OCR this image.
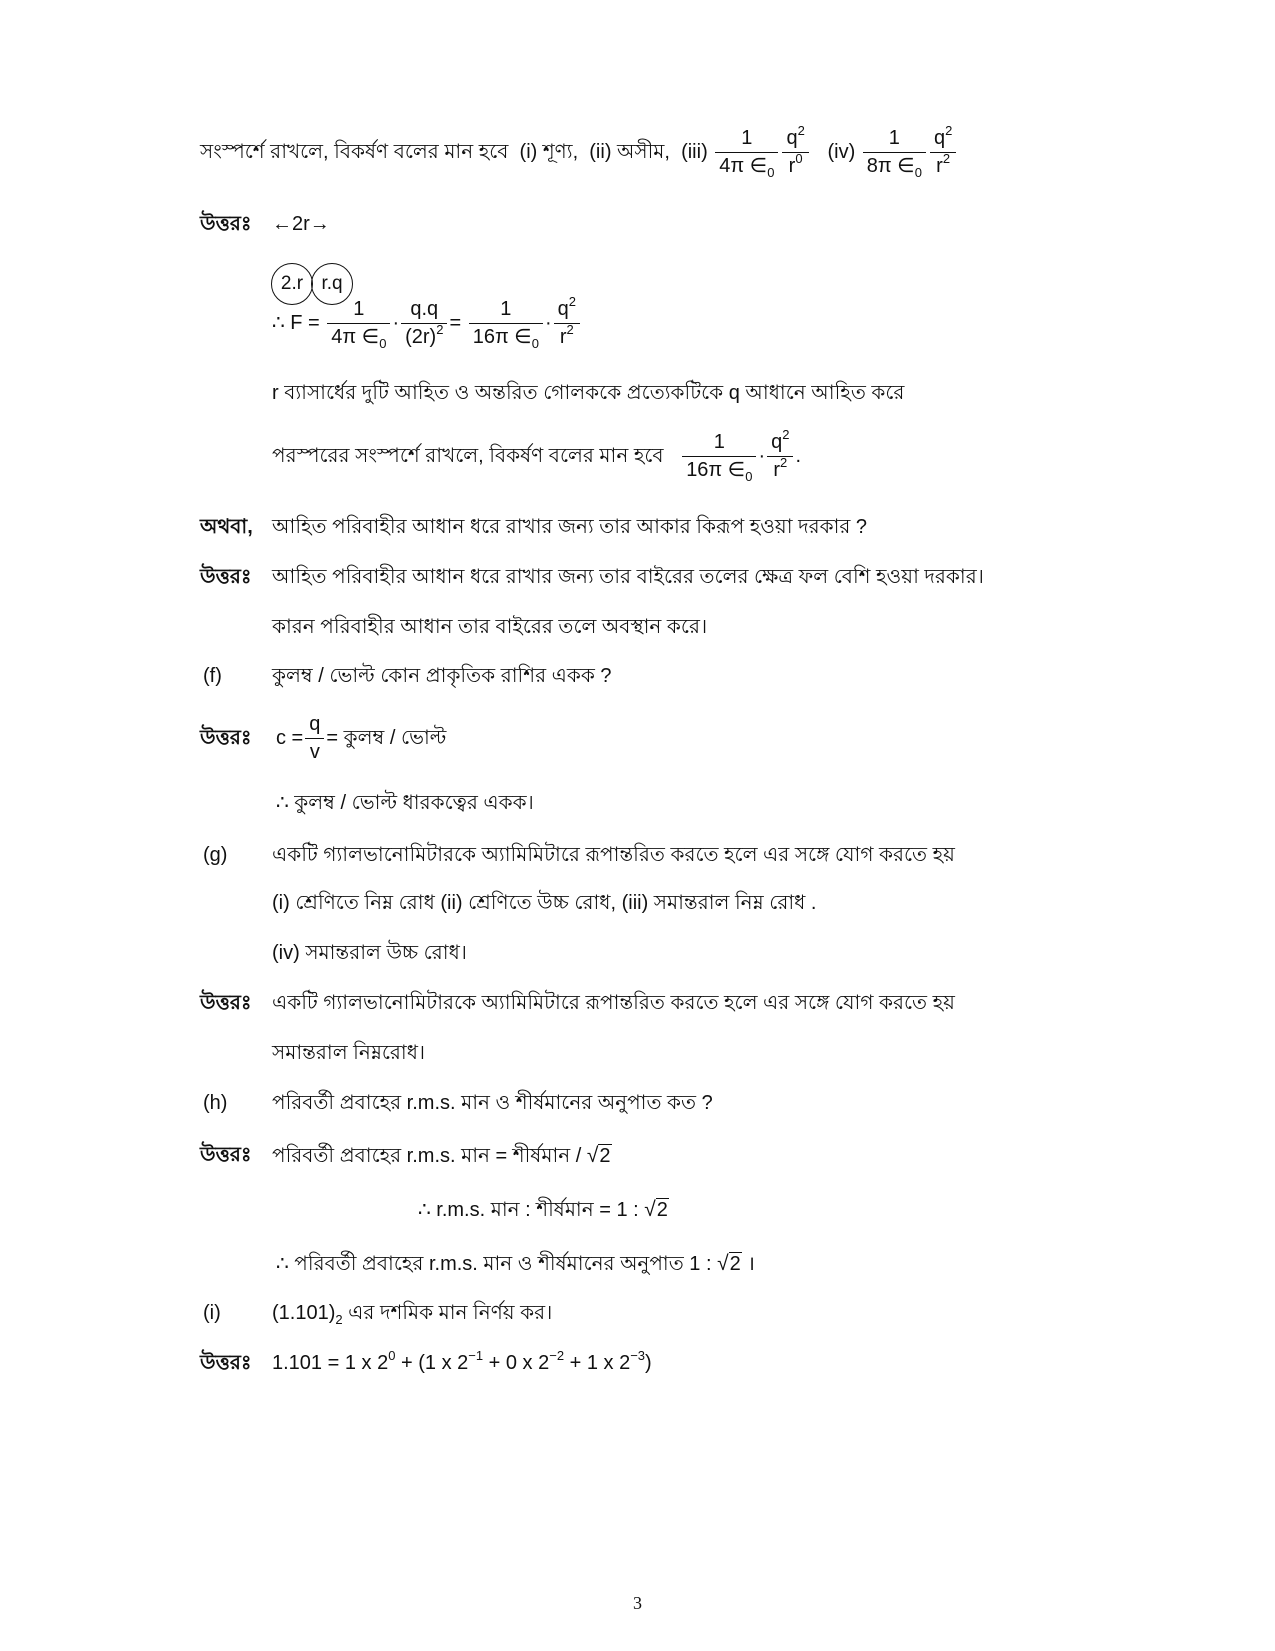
সংস্পর্শে রাখলে, বিকর্ষণ বলের মান হবে (i) শূণ্য, (ii) অসীম, $(iii) \frac{1}{4\pi \in_0} \frac{q^2}{r^0} (iv) \frac{1}{8\pi \in_0} \frac{q^2}{r^2}$
উত্তরঃ ←2r→
2.r r.q
∴ $F = \frac{1}{4\pi \in_0} \cdot \frac{q.q}{(2r)^2} = \frac{1}{16\pi \in_0} \cdot \frac{q^2}{r^2}$
r ব্যাসার্ধের দুটি আহিত ও অন্তরিত গোলককে প্রত্যেকটিকে q আধানে আহিত করে
পরস্পরের সংস্পর্শে রাখলে, বিকর্ষণ বলের মান হবে $\frac{1}{16\pi \in_0} \cdot \frac{q^2}{r^2}$ .
অথবা, আহিত পরিবাহীর আধান ধরে রাখার জন্য তার আকার কিরূপ হওয়া দরকার ?
উত্তরঃ আহিত পরিবাহীর আধান ধরে রাখার জন্য তার বাইরের তলের ক্ষেত্র ফল বেশি হওয়া দরকার।
কারন পরিবাহীর আধান তার বাইরের তলে অবস্থান করে।
(f)	কুলম্ব / ভোল্ট কোন প্রাকৃতিক রাশির একক ?
উত্তরঃ $c = \frac{q}{v}$ = কুলম্ব / ভোল্ট
∴ কুলম্ব / ভোল্ট ধারকত্বের একক।
(g) একটি গ্যালভানোমিটারকে অ্যামিমিটারে রূপান্তরিত করতে হলে এর সঙ্গে যোগ করতে হয়
(i) শ্রেণিতে নিম্ন রোধ (ii) শ্রেণিতে উচ্চ রোধ, (iii) সমান্তরাল নিম্ন রোধ .
(iv) সমান্তরাল উচ্চ রোধ।
উত্তরঃ একটি গ্যালভানোমিটারকে অ্যামিমিটারে রূপান্তরিত করতে হলে এর সঙ্গে যোগ করতে হয়
সমান্তরাল নিম্নরোধ।
(h) পরিবর্তী প্রবাহের r.m.s. মান ও শীর্ষমানের অনুপাত কত ?
উত্তরঃ পরিবর্তী প্রবাহের r.m.s. মান = শীর্ষমান / √2
∴ r.m.s. মান : শীর্ষমান = 1 : √2
∴ পরিবর্তী প্রবাহের r.m.s. মান ও শীর্ষমানের অনুপাত 1 : √2 ।
(i)	$(1.101)_2$ এর দশমিক মান নির্ণয় কর।
উত্তরঃ 1.101 = 1 x $2^0 + (1$ x $2^{-1} + 0$ x $2^{-2} + 1$ x $2^{-3}$)
3
